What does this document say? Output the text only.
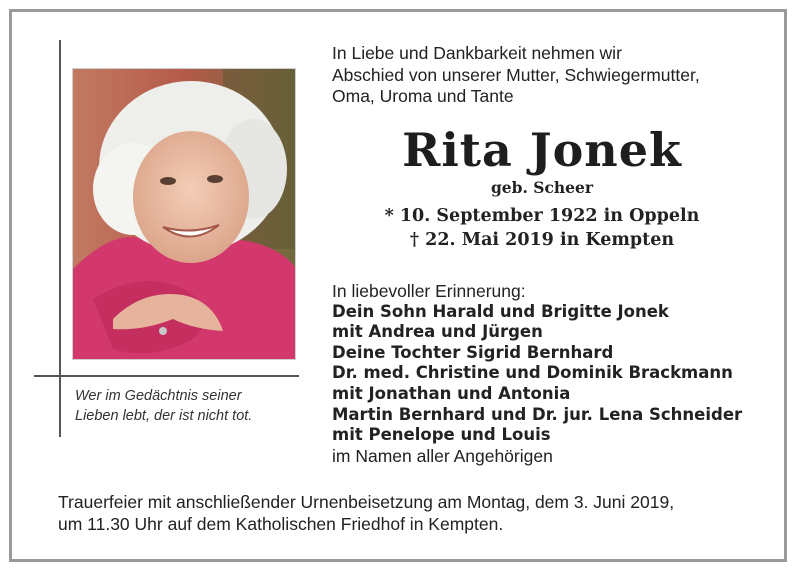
Wer im Gedächtnis seiner
Lieben lebt, der ist nicht tot.
In Liebe und Dankbarkeit nehmen wir
Abschied von unserer Mutter, Schwiegermutter,
Oma, Uroma und Tante
Rita Jonek
geb. Scheer
* 10. September 1922 in Oppeln
† 22. Mai 2019 in Kempten
In liebevoller Erinnerung:
Dein Sohn Harald und Brigitte Jonek
mit Andrea und Jürgen
Deine Tochter Sigrid Bernhard
Dr. med. Christine und Dominik Brackmann
mit Jonathan und Antonia
Martin Bernhard und Dr. jur. Lena Schneider
mit Penelope und Louis
im Namen aller Angehörigen
Trauerfeier mit anschließender Urnenbeisetzung am Montag, dem 3. Juni 2019,
um 11.30 Uhr auf dem Katholischen Friedhof in Kempten.
